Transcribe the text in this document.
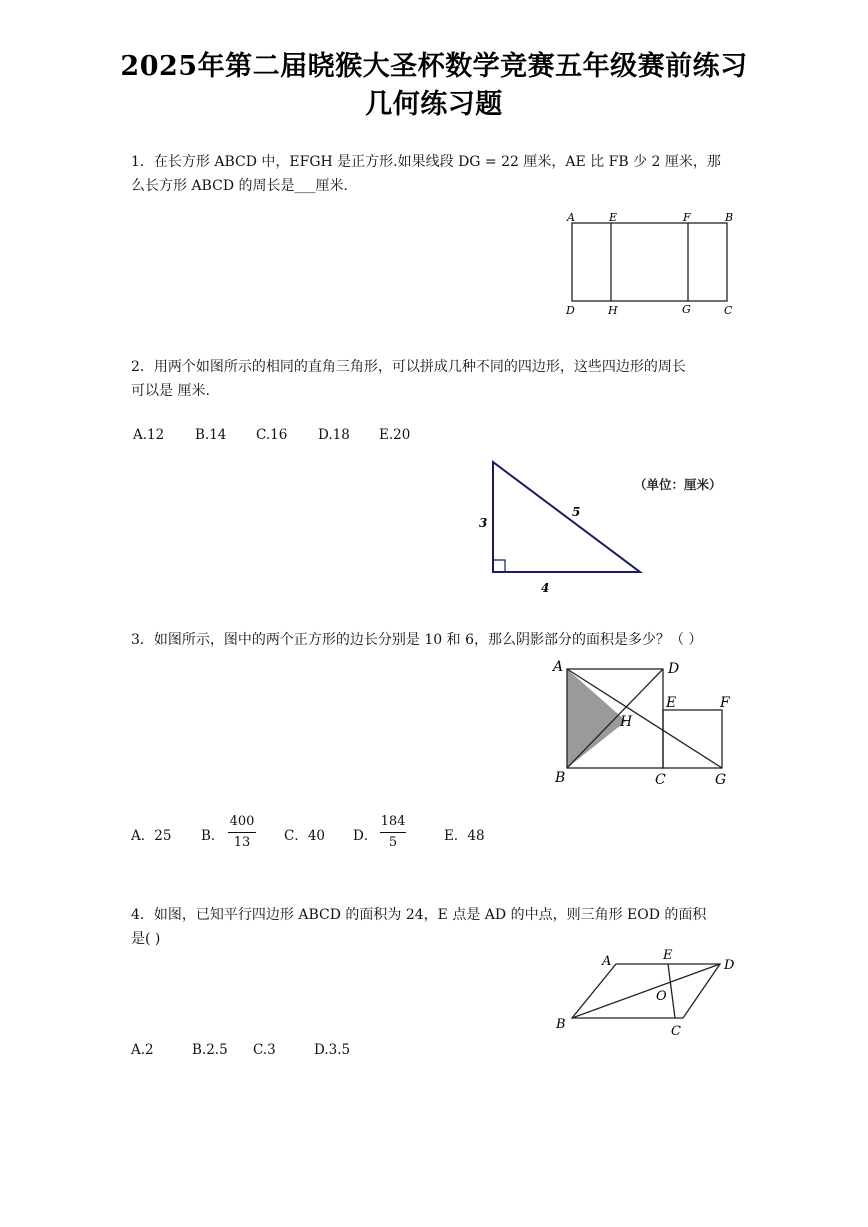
2025年第二届晓猴大圣杯数学竞赛五年级赛前练习
几何练习题
1．在长方形 ABCD 中，EFGH 是正方形.如果线段 DG = 22 厘米，AE 比 FB 少 2 厘米，那
么长方形 ABCD 的周长是___厘米.
A	E	F	B
D	H	G	C
2．用两个如图所示的相同的直角三角形，可以拼成几种不同的四边形，这些四边形的周长
可以是 厘米.
A.12 B.14 C.16 D.18 E.20
3
5
4
（单位：厘米）
3．如图所示，图中的两个正方形的边长分别是 10 和 6，那么阴影部分的面积是多少？（ ）
A	D
E	F
H
B	C	G
A．25 B．	C．40 D．	E．48
400
13
184
5
4．如图，已知平行四边形 ABCD 的面积为 24，E 点是 AD 的中点，则三角形 EOD 的面积
是( )
A	E
D
O
B	C
A.2	B.2.5 C.3	D.3.5
